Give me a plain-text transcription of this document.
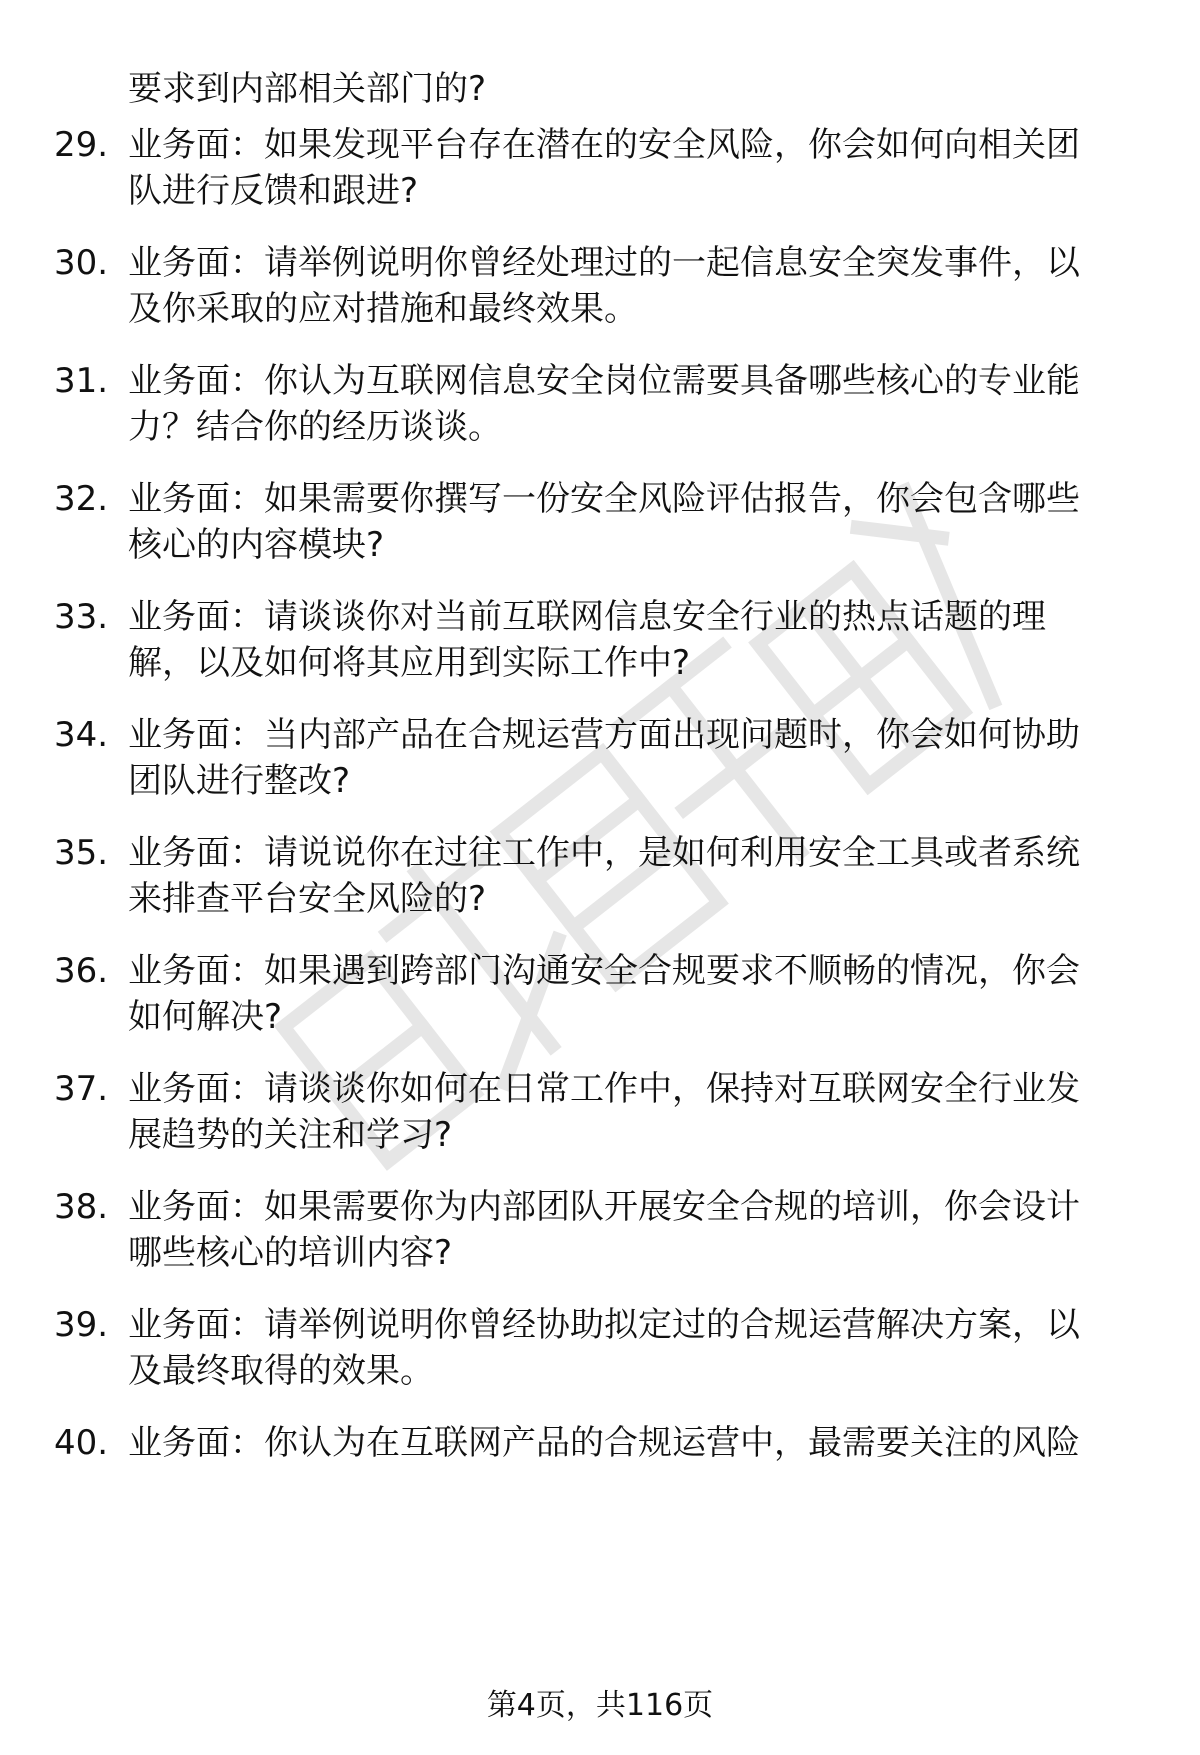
要求到内部相关部门的?
29. 业务面：如果发现平台存在潜在的安全风险，你会如何向相关团
队进行反馈和跟进?
30. 业务面：请举例说明你曾经处理过的一起信息安全突发事件，以
及你采取的应对措施和最终效果。
31. 业务面：你认为互联网信息安全岗位需要具备哪些核心的专业能
力？结合你的经历谈谈。
32. 业务面：如果需要你撰写一份安全风险评估报告，你会包含哪些
核心的内容模块?
33. 业务面：请谈谈你对当前互联网信息安全行业的热点话题的理
解，以及如何将其应用到实际工作中?
34. 业务面：当内部产品在合规运营方面出现问题时，你会如何协助
团队进行整改?
35. 业务面：请说说你在过往工作中，是如何利用安全工具或者系统
来排查平台安全风险的?
36. 业务面：如果遇到跨部门沟通安全合规要求不顺畅的情况，你会
如何解决?
37. 业务面：请谈谈你如何在日常工作中，保持对互联网安全行业发
展趋势的关注和学习?
38. 业务面：如果需要你为内部团队开展安全合规的培训，你会设计
哪些核心的培训内容?
39. 业务面：请举例说明你曾经协助拟定过的合规运营解决方案，以
及最终取得的效果。
40. 业务面：你认为在互联网产品的合规运营中，最需要关注的风险
第4页，共116页
